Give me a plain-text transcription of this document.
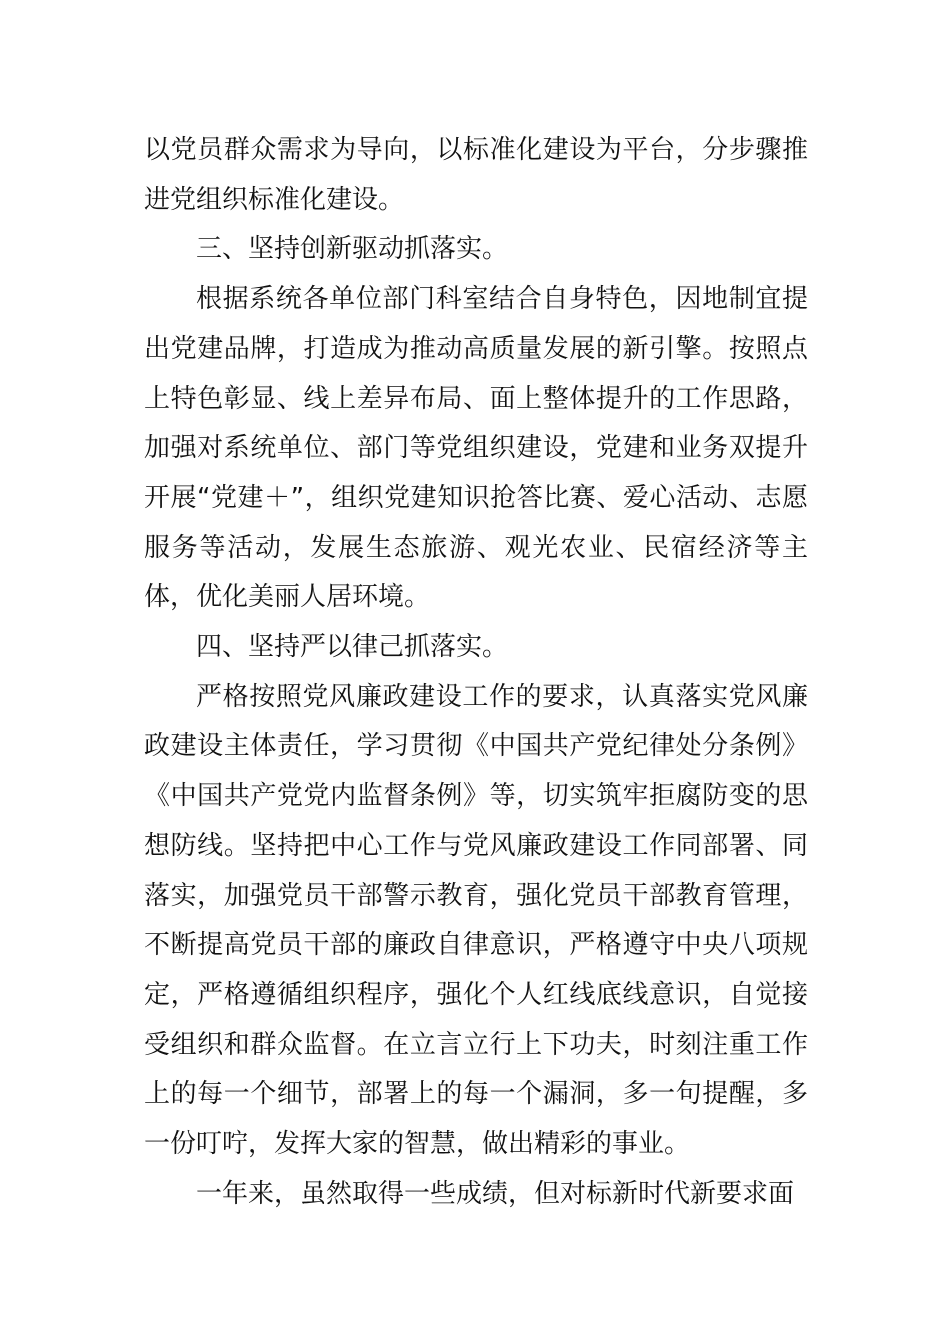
以党员群众需求为导向，以标准化建设为平台，分步骤推进党组织标准化建设。

三、坚持创新驱动抓落实。

根据系统各单位部门科室结合自身特色，因地制宜提出党建品牌，打造成为推动高质量发展的新引擎。按照点上特色彰显、线上差异布局、面上整体提升的工作思路，加强对系统单位、部门等党组织建设，党建和业务双提升开展“党建＋”，组织党建知识抢答比赛、爱心活动、志愿服务等活动，发展生态旅游、观光农业、民宿经济等主体，优化美丽人居环境。

四、坚持严以律己抓落实。

严格按照党风廉政建设工作的要求，认真落实党风廉政建设主体责任，学习贯彻《中国共产党纪律处分条例》《中国共产党党内监督条例》等，切实筑牢拒腐防变的思想防线。坚持把中心工作与党风廉政建设工作同部署、同落实，加强党员干部警示教育，强化党员干部教育管理，不断提高党员干部的廉政自律意识，严格遵守中央八项规定，严格遵循组织程序，强化个人红线底线意识，自觉接受组织和群众监督。在立言立行上下功夫，时刻注重工作上的每一个细节，部署上的每一个漏洞，多一句提醒，多一份叮咛，发挥大家的智慧，做出精彩的事业。

一年来，虽然取得一些成绩，但对标新时代新要求面
